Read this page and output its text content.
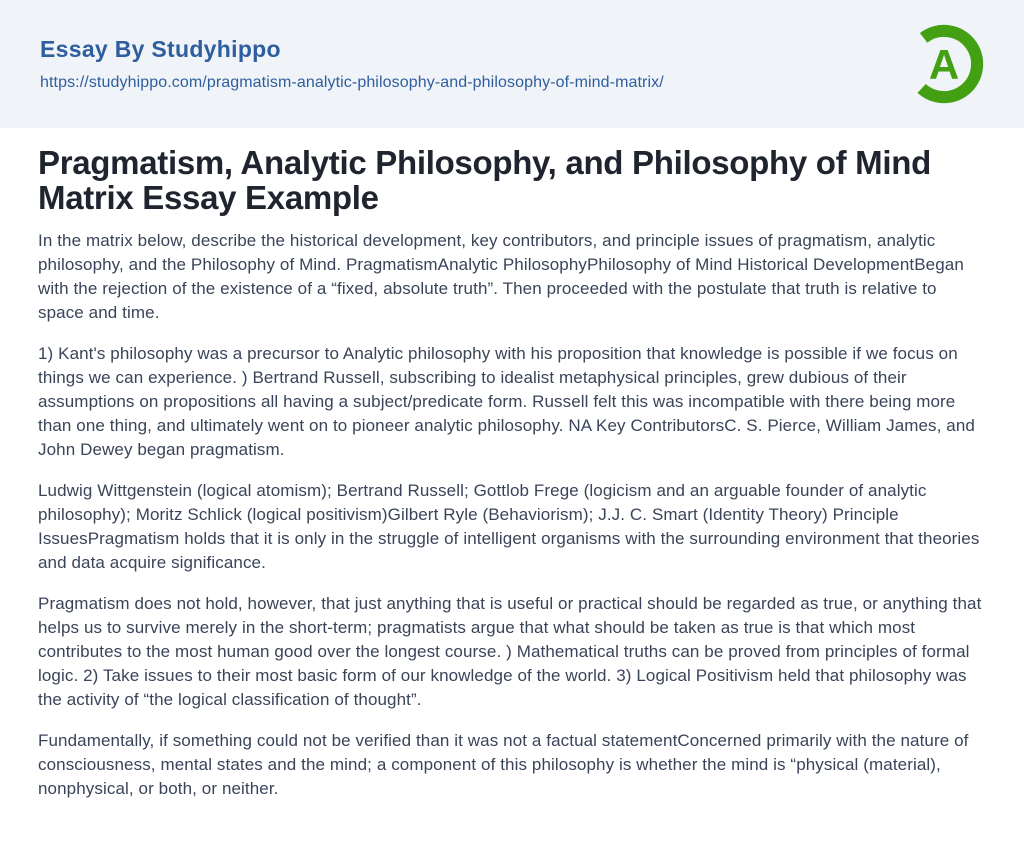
Essay By Studyhippo
https://studyhippo.com/pragmatism-analytic-philosophy-and-philosophy-of-mind-matrix/	A
Pragmatism, Analytic Philosophy, and Philosophy of Mind Matrix Essay Example

In the matrix below, describe the historical development, key contributors, and principle issues of pragmatism, analytic philosophy, and the Philosophy of Mind. PragmatismAnalytic PhilosophyPhilosophy of Mind Historical DevelopmentBegan with the rejection of the existence of a “fixed, absolute truth”. Then proceeded with the postulate that truth is relative to space and time.

1) Kant's philosophy was a precursor to Analytic philosophy with his proposition that knowledge is possible if we focus on things we can experience. ) Bertrand Russell, subscribing to idealist metaphysical principles, grew dubious of their assumptions on propositions all having a subject/predicate form. Russell felt this was incompatible with there being more than one thing, and ultimately went on to pioneer analytic philosophy. NA Key ContributorsC. S. Pierce, William James, and John Dewey began pragmatism.

Ludwig Wittgenstein (logical atomism); Bertrand Russell; Gottlob Frege (logicism and an arguable founder of analytic philosophy); Moritz Schlick (logical positivism)Gilbert Ryle (Behaviorism); J.J. C. Smart (Identity Theory) Principle IssuesPragmatism holds that it is only in the struggle of intelligent organisms with the surrounding environment that theories and data acquire significance.

Pragmatism does not hold, however, that just anything that is useful or practical should be regarded as true, or anything that helps us to survive merely in the short-term; pragmatists argue that what should be taken as true is that which most contributes to the most human good over the longest course. ) Mathematical truths can be proved from principles of formal logic. 2) Take issues to their most basic form of our knowledge of the world. 3) Logical Positivism held that philosophy was the activity of “the logical classification of thought”.

Fundamentally, if something could not be verified than it was not a factual statementConcerned primarily with the nature of consciousness, mental states and the mind; a component of this philosophy is whether the mind is “physical (material), nonphysical, or both, or neither.
